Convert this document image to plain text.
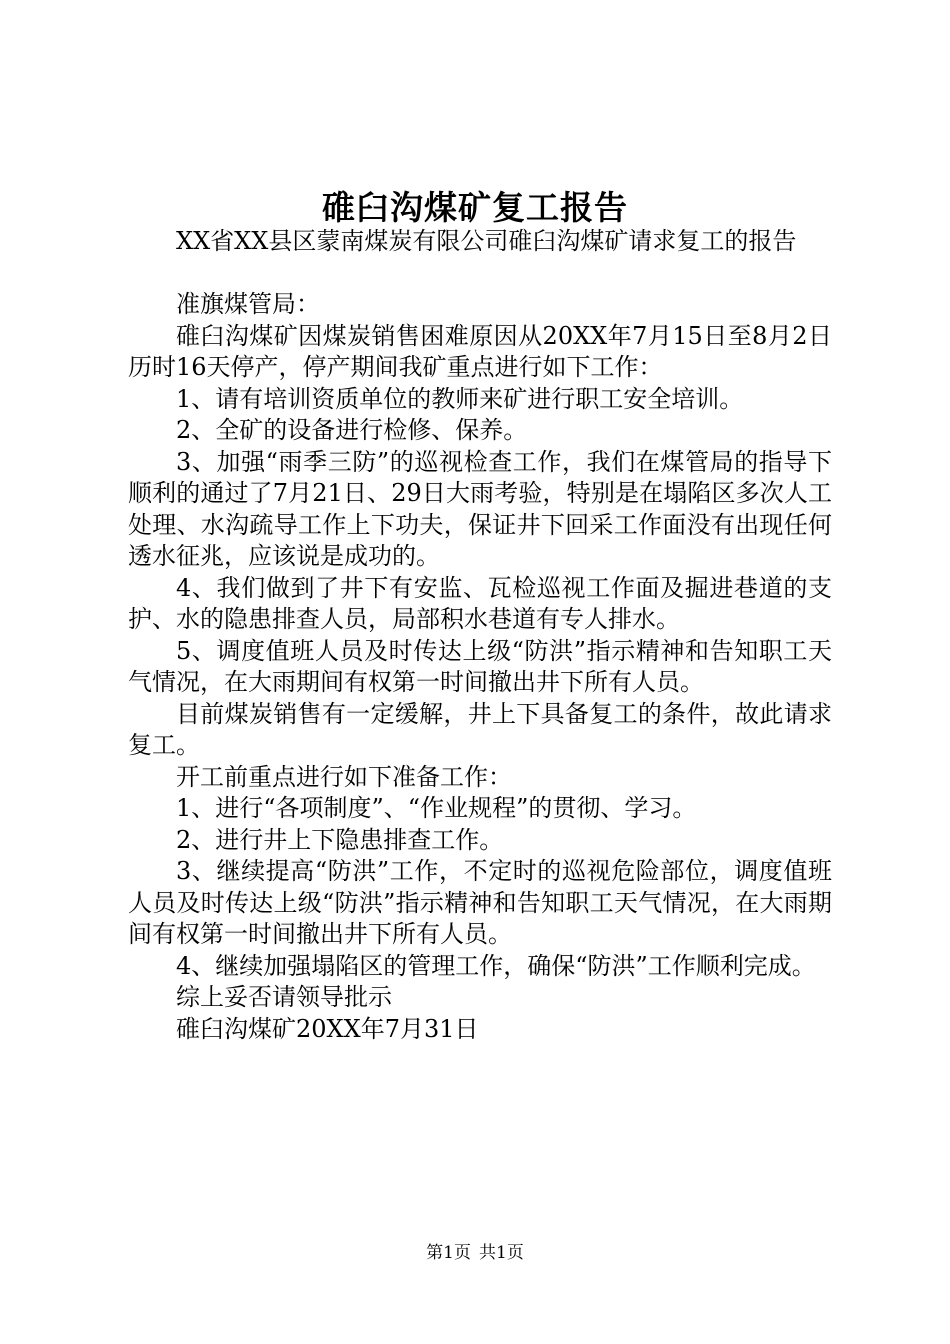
碓臼沟煤矿复工报告

XX省XX县区蒙南煤炭有限公司碓臼沟煤矿请求复工的报告

准旗煤管局：

碓臼沟煤矿因煤炭销售困难原因从20XX年7月15日至8月2日历时16天停产，停产期间我矿重点进行如下工作：

1、请有培训资质单位的教师来矿进行职工安全培训。

2、全矿的设备进行检修、保养。

3、加强“雨季三防”的巡视检查工作，我们在煤管局的指导下顺利的通过了7月21日、29日大雨考验，特别是在塌陷区多次人工处理、水沟疏导工作上下功夫，保证井下回采工作面没有出现任何透水征兆，应该说是成功的。

4、我们做到了井下有安监、瓦检巡视工作面及掘进巷道的支护、水的隐患排查人员，局部积水巷道有专人排水。

5、调度值班人员及时传达上级“防洪”指示精神和告知职工天气情况，在大雨期间有权第一时间撤出井下所有人员。

目前煤炭销售有一定缓解，井上下具备复工的条件，故此请求复工。

开工前重点进行如下准备工作：

1、进行“各项制度”、“作业规程”的贯彻、学习。

2、进行井上下隐患排查工作。

3、继续提高“防洪”工作，不定时的巡视危险部位，调度值班人员及时传达上级“防洪”指示精神和告知职工天气情况，在大雨期间有权第一时间撤出井下所有人员。

4、继续加强塌陷区的管理工作，确保“防洪”工作顺利完成。

综上妥否请领导批示

碓臼沟煤矿20XX年7月31日

第1页 共1页
